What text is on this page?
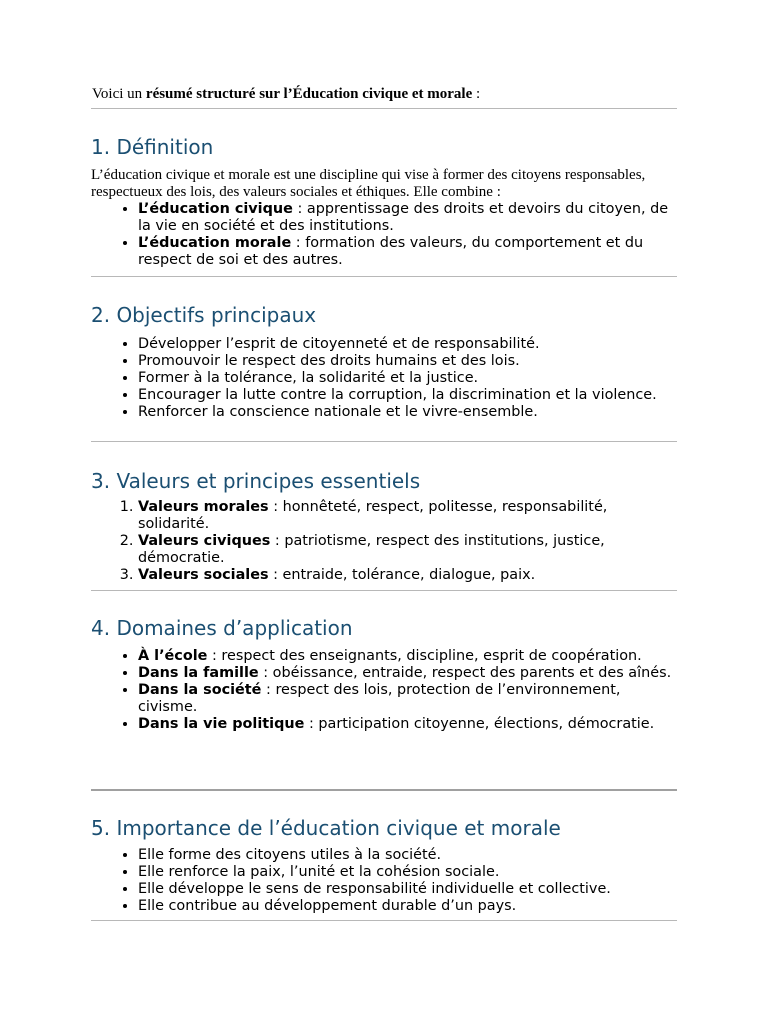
Voici un résumé structuré sur l’Éducation civique et morale :

1. Définition

L’éducation civique et morale est une discipline qui vise à former des citoyens responsables, respectueux des lois, des valeurs sociales et éthiques. Elle combine :

• L’éducation civique : apprentissage des droits et devoirs du citoyen, de la vie en société et des institutions.
• L’éducation morale : formation des valeurs, du comportement et du respect de soi et des autres.
2. Objectifs principaux
• Développer l’esprit de citoyenneté et de responsabilité.
• Promouvoir le respect des droits humains et des lois.
• Former à la tolérance, la solidarité et la justice.
• Encourager la lutte contre la corruption, la discrimination et la violence.
• Renforcer la conscience nationale et le vivre-ensemble.
3. Valeurs et principes essentiels
1. Valeurs morales : honnêteté, respect, politesse, responsabilité, solidarité.
2. Valeurs civiques : patriotisme, respect des institutions, justice, démocratie.
3. Valeurs sociales : entraide, tolérance, dialogue, paix.
4. Domaines d’application
• À l’école : respect des enseignants, discipline, esprit de coopération.
• Dans la famille : obéissance, entraide, respect des parents et des aînés.
• Dans la société : respect des lois, protection de l’environnement, civisme.
• Dans la vie politique : participation citoyenne, élections, démocratie.
5. Importance de l’éducation civique et morale
• Elle forme des citoyens utiles à la société.
• Elle renforce la paix, l’unité et la cohésion sociale.
• Elle développe le sens de responsabilité individuelle et collective.
• Elle contribue au développement durable d’un pays.
